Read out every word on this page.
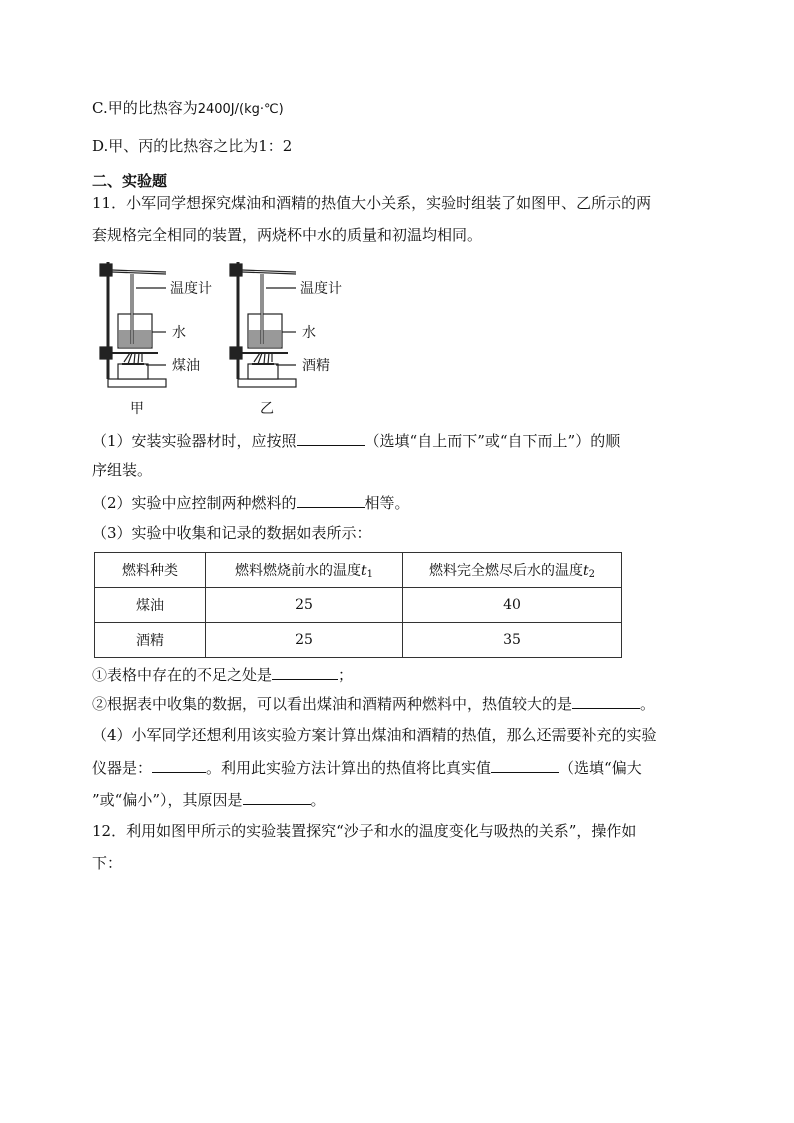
C.甲的比热容为2400J/(kg·℃)
D.甲、丙的比热容之比为1：2
二、实验题
11．小军同学想探究煤油和酒精的热值大小关系，实验时组装了如图甲、乙所示的两
套规格完全相同的装置，两烧杯中水的质量和初温均相同。
温度计
水
煤油
甲
温度计
水
酒精
乙
（1）安装实验器材时，应按照	（选填“自上而下”或“自下而上”）的顺
序组装。
（2）实验中应控制两种燃料的	相等。
（3）实验中收集和记录的数据如表所示：
燃料种类	燃料燃烧前水的温度$t_1$	燃料完全燃尽后水的温度$t_2$
煤油	25	40
酒精	25	35
①表格中存在的不足之处是	；
②根据表中收集的数据，可以看出煤油和酒精两种燃料中，热值较大的是	。
（4）小军同学还想利用该实验方案计算出煤油和酒精的热值，那么还需要补充的实验
仪器是：	。利用此实验方法计算出的热值将比真实值	（选填“偏大
”或“偏小”），其原因是	。
12．利用如图甲所示的实验装置探究“沙子和水的温度变化与吸热的关系”，操作如
下：
